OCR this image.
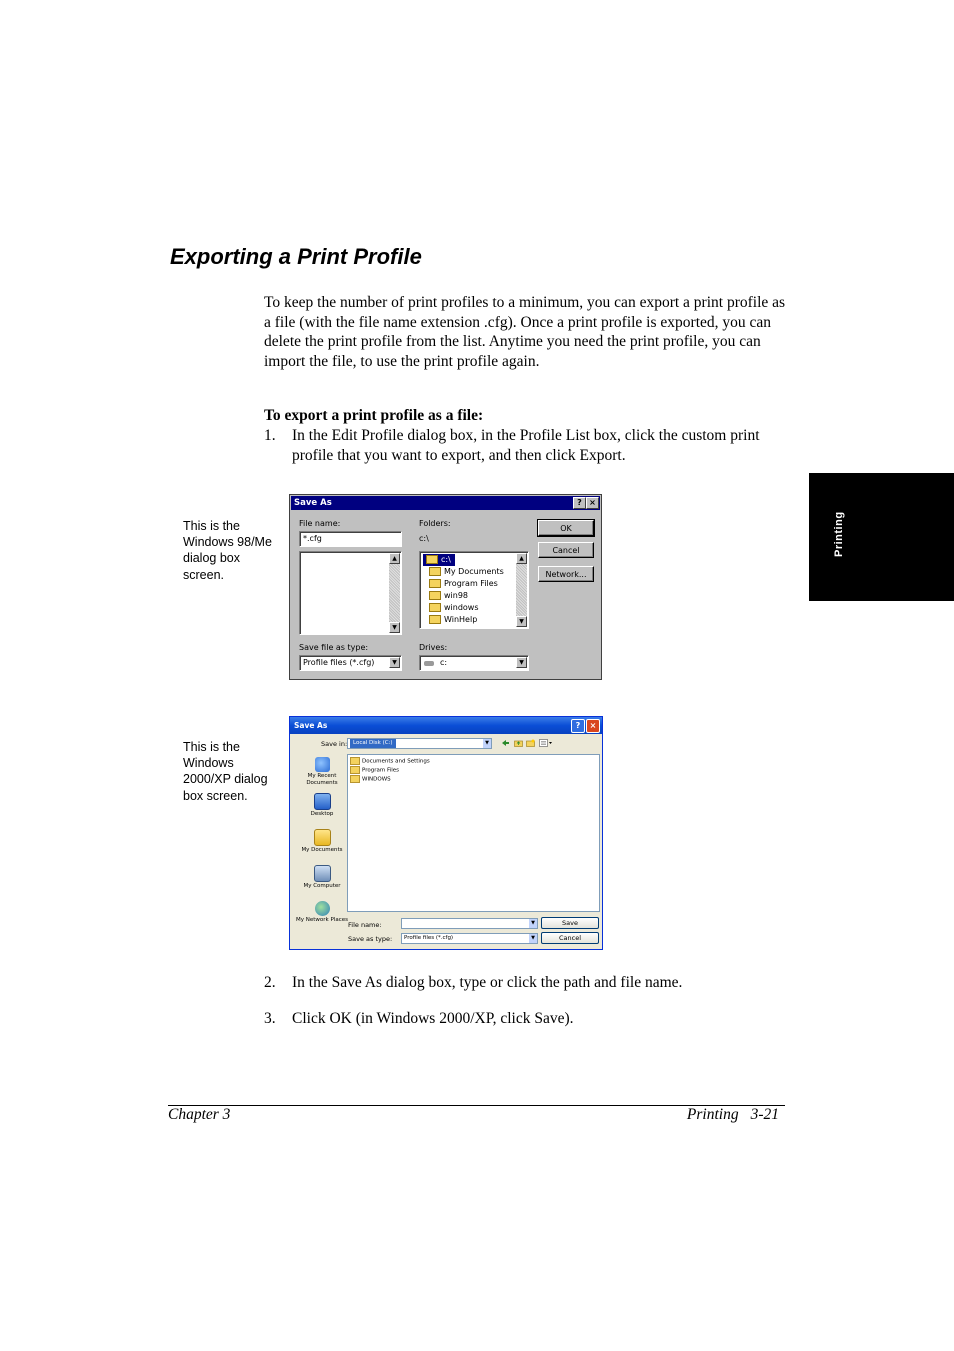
Exporting a Print Profile

To keep the number of print profiles to a minimum, you can export a print profile as a file (with the file name extension .cfg). Once a print profile is exported, you can delete the print profile from the list. Anytime you need the print profile, you can import the file, to use the print profile again.

To export a print profile as a file:

1. In the Edit Profile dialog box, in the Profile List box, click the custom print profile that you want to export, and then click Export.
This is the Windows 98/Me dialog box screen.
Save As	? ×
File name:
*.cfg
▲
▼
Folders:
c:\
c:\
My Documents
Program Files
win98
windows
WinHelp
▲
▼
Save file as type:
Profile files (*.cfg)	▼
Drives:
c:	▼
OK
Cancel
Network...
This is the Windows 2000/XP dialog box screen.
Save As	?	×
Save in:	Local Disk (C:)	▼
My Recent Documents
Desktop
My Documents
My Computer
My Network Places
Documents and Settings
Program Files
WINDOWS
File name:	▼
Save as type: Profile files (*.cfg)	▼
Save
Cancel
2. In the Save As dialog box, type or click the path and file name.
3. Click OK (in Windows 2000/XP, click Save).
Printing
Chapter 3	Printing 3-21
